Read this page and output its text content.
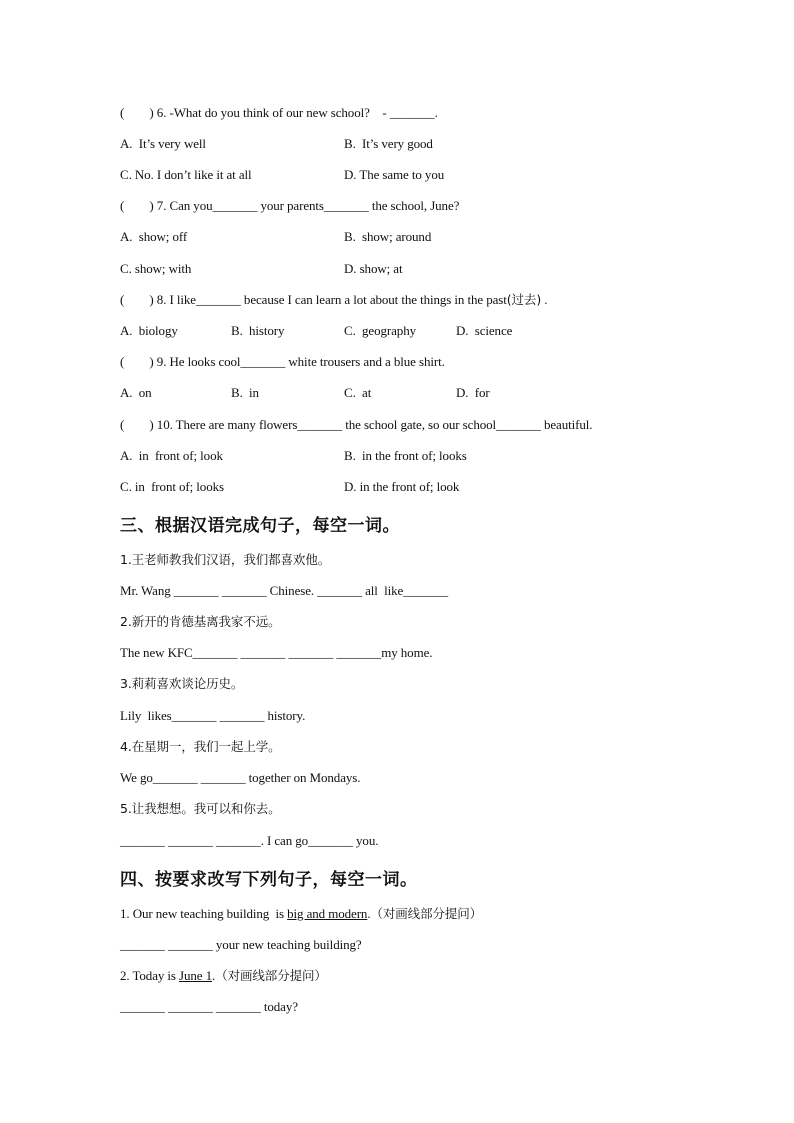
(        ) 6. -What do you think of our new school?    - _______.
A.  It’s very well	B.  It’s very good
C. No. I don’t like it at all	D. The same to you
(        ) 7. Can you_______ your parents_______ the school, June?
A.  show; off	B.  show; around
C. show; with	D. show; at
(        ) 8. I like_______ because I can learn a lot about the things in the past(过去) .
A.  biology	B.  history	C.  geography	D.  science
(        ) 9. He looks cool_______ white trousers and a blue shirt.
A.  on	B.  in	C.  at	D.  for
(        ) 10. There are many flowers_______ the school gate, so our school_______ beautiful.
A.  in  front of; look	B.  in the front of; looks
C. in  front of; looks	D. in the front of; look
三、根据汉语完成句子，每空一词。
1.王老师教我们汉语，我们都喜欢他。
Mr. Wang _______ _______ Chinese. _______ all  like_______
2.新开的肯德基离我家不远。
The new KFC_______ _______ _______ _______my home.
3.莉莉喜欢谈论历史。
Lily  likes_______ _______ history.
4.在星期一，我们一起上学。
We go_______ _______ together on Mondays.
5.让我想想。我可以和你去。
_______ _______ _______. I can go_______ you.
四、按要求改写下列句子，每空一词。
1. Our new teaching building  is big and modern.（对画线部分提问）
_______ _______ your new teaching building?
2. Today is June 1.（对画线部分提问）
_______ _______ _______ today?
